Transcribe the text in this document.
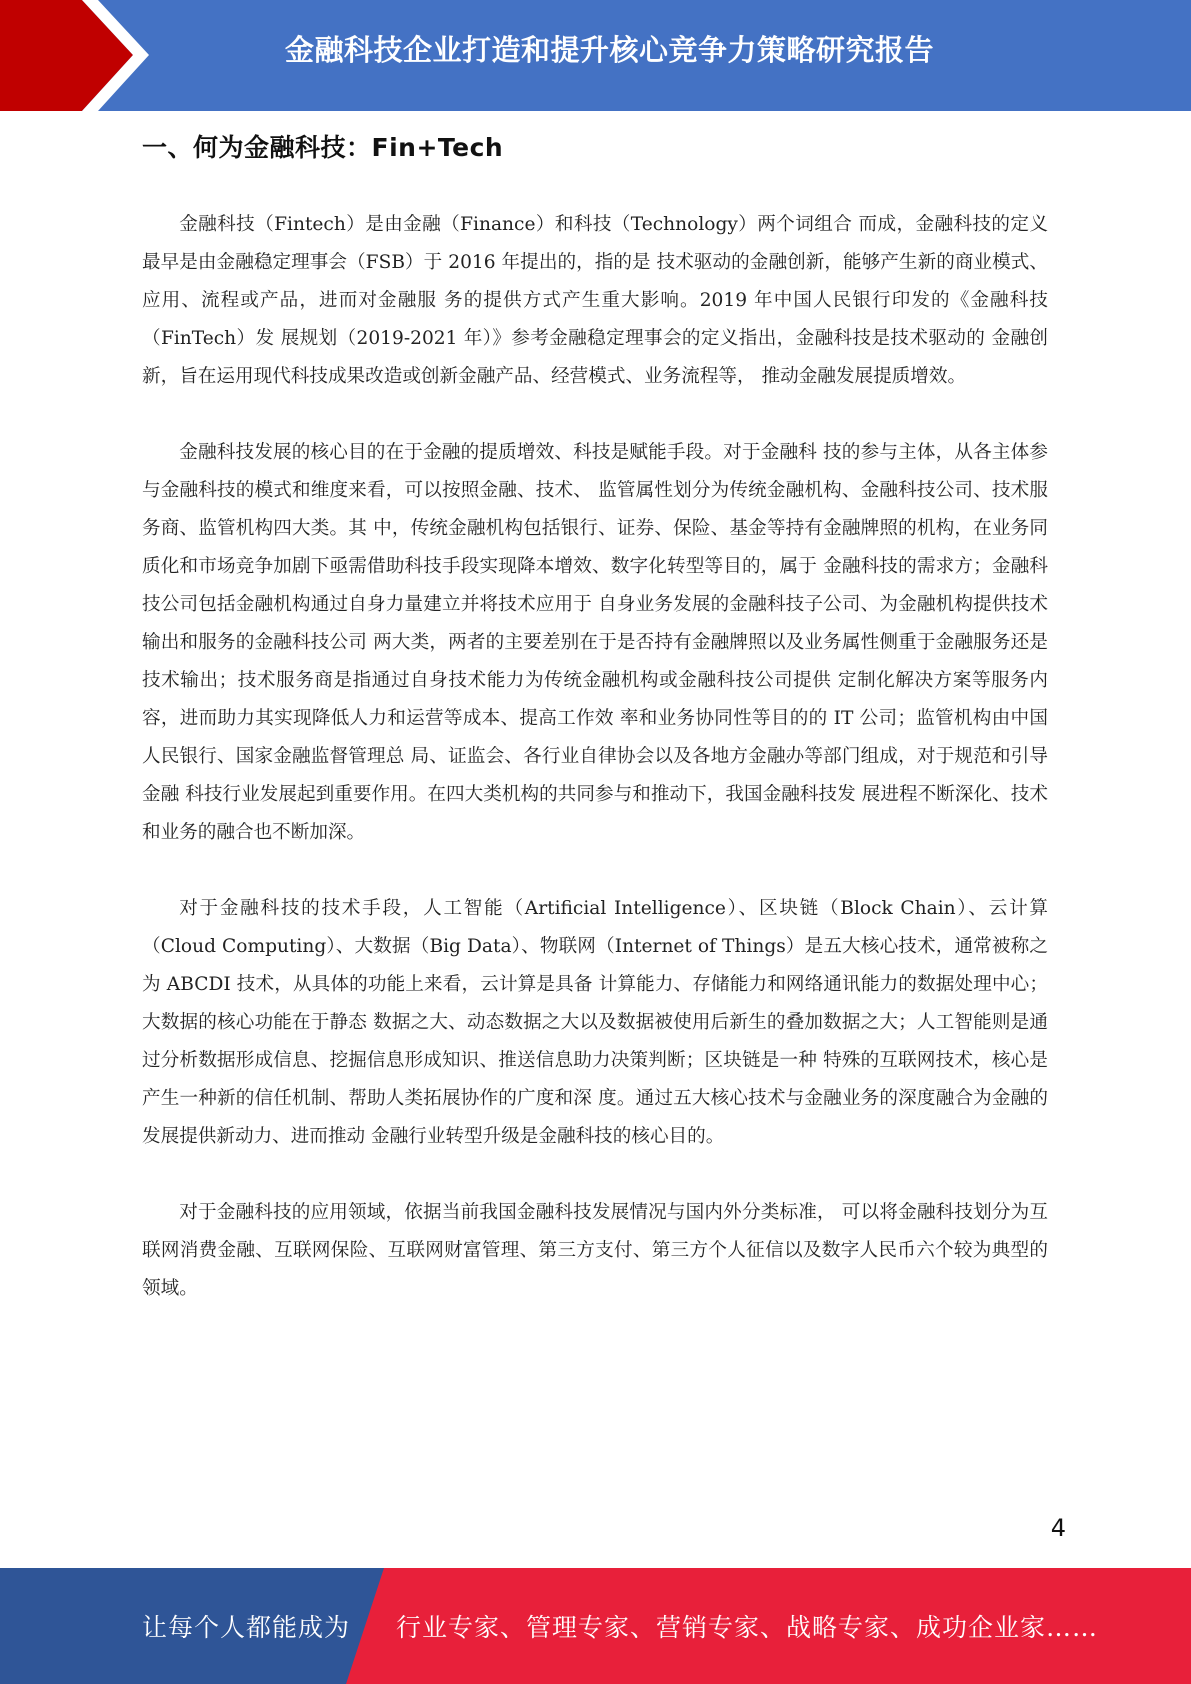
金融科技企业打造和提升核心竞争力策略研究报告
一、何为金融科技：Fin+Tech

金融科技（Fintech）是由金融（Finance）和科技（Technology）两个词组合 而成，金融科技的定义最早是由金融稳定理事会（FSB）于 2016 年提出的，指的是 技术驱动的金融创新，能够产生新的商业模式、应用、流程或产品，进而对金融服 务的提供方式产生重大影响。2019 年中国人民银行印发的《金融科技（FinTech）发 展规划（2019-2021 年）》参考金融稳定理事会的定义指出，金融科技是技术驱动的 金融创新，旨在运用现代科技成果改造或创新金融产品、经营模式、业务流程等， 推动金融发展提质增效。

金融科技发展的核心目的在于金融的提质增效、科技是赋能手段。对于金融科 技的参与主体，从各主体参与金融科技的模式和维度来看，可以按照金融、技术、 监管属性划分为传统金融机构、金融科技公司、技术服务商、监管机构四大类。其 中，传统金融机构包括银行、证券、保险、基金等持有金融牌照的机构，在业务同 质化和市场竞争加剧下亟需借助科技手段实现降本增效、数字化转型等目的，属于 金融科技的需求方；金融科技公司包括金融机构通过自身力量建立并将技术应用于 自身业务发展的金融科技子公司、为金融机构提供技术输出和服务的金融科技公司 两大类，两者的主要差别在于是否持有金融牌照以及业务属性侧重于金融服务还是 技术输出；技术服务商是指通过自身技术能力为传统金融机构或金融科技公司提供 定制化解决方案等服务内容，进而助力其实现降低人力和运营等成本、提高工作效 率和业务协同性等目的的 IT 公司；监管机构由中国人民银行、国家金融监督管理总 局、证监会、各行业自律协会以及各地方金融办等部门组成，对于规范和引导金融 科技行业发展起到重要作用。在四大类机构的共同参与和推动下，我国金融科技发 展进程不断深化、技术和业务的融合也不断加深。

对于金融科技的技术手段，人工智能（Artificial Intelligence）、区块链（Block Chain）、云计算（Cloud Computing）、大数据（Big Data）、物联网（Internet of Things）是五大核心技术，通常被称之为 ABCDI 技术，从具体的功能上来看，云计算是具备 计算能力、存储能力和网络通讯能力的数据处理中心；大数据的核心功能在于静态 数据之大、动态数据之大以及数据被使用后新生的叠加数据之大；人工智能则是通 过分析数据形成信息、挖掘信息形成知识、推送信息助力决策判断；区块链是一种 特殊的互联网技术，核心是产生一种新的信任机制、帮助人类拓展协作的广度和深 度。通过五大核心技术与金融业务的深度融合为金融的发展提供新动力、进而推动 金融行业转型升级是金融科技的核心目的。

对于金融科技的应用领域，依据当前我国金融科技发展情况与国内外分类标准， 可以将金融科技划分为互联网消费金融、互联网保险、互联网财富管理、第三方支付、第三方个人征信以及数字人民币六个较为典型的领域。

4
让每个人都能成为 行业专家、管理专家、营销专家、战略专家、成功企业家……
